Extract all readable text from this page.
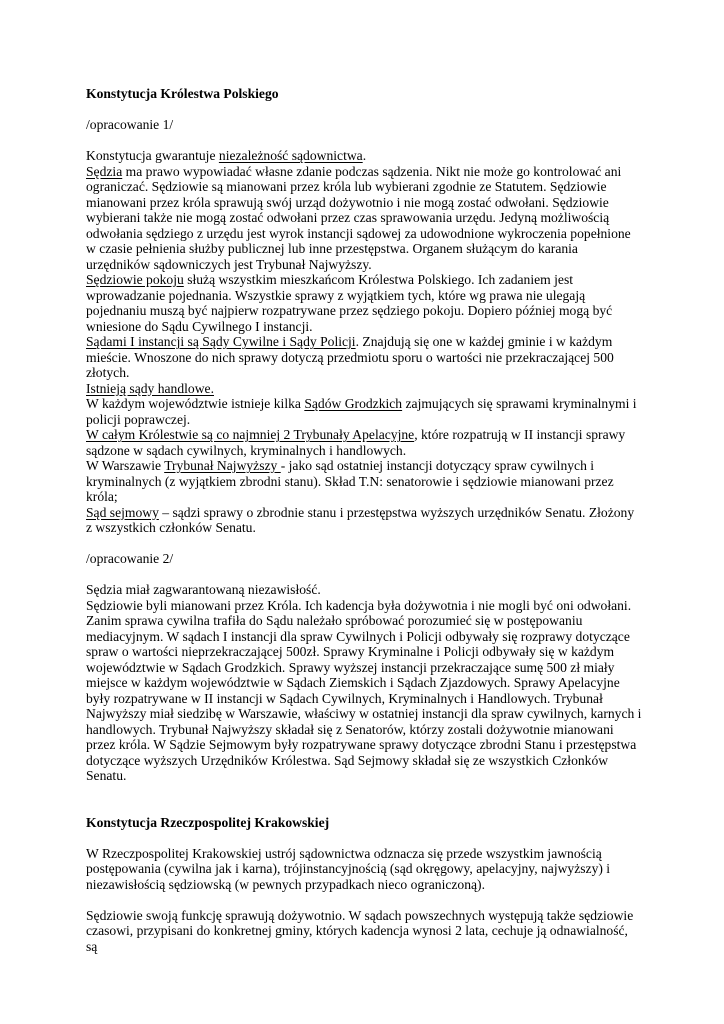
Konstytucja Królestwa Polskiego

/opracowanie 1/

Konstytucja gwarantuje niezależność sądownictwa.

Sędzia ma prawo wypowiadać własne zdanie podczas sądzenia. Nikt nie może go kontrolować ani ograniczać. Sędziowie są mianowani przez króla lub wybierani zgodnie ze Statutem. Sędziowie mianowani przez króla sprawują swój urząd dożywotnio i nie mogą zostać odwołani. Sędziowie wybierani także nie mogą zostać odwołani przez czas sprawowania urzędu. Jedyną możliwością odwołania sędziego z urzędu jest wyrok instancji sądowej za udowodnione wykroczenia popełnione w czasie pełnienia służby publicznej lub inne przestępstwa. Organem służącym do karania urzędników sądowniczych jest Trybunał Najwyższy.

Sędziowie pokoju służą wszystkim mieszkańcom Królestwa Polskiego. Ich zadaniem jest wprowadzanie pojednania. Wszystkie sprawy z wyjątkiem tych, które wg prawa nie ulegają pojednaniu muszą być najpierw rozpatrywane przez sędziego pokoju. Dopiero później mogą być wniesione do Sądu Cywilnego I instancji.

Sądami I instancji są Sądy Cywilne i Sądy Policji. Znajdują się one w każdej gminie i w każdym mieście. Wnoszone do nich sprawy dotyczą przedmiotu sporu o wartości nie przekraczającej 500 złotych.

Istnieją sądy handlowe.

W każdym województwie istnieje kilka Sądów Grodzkich zajmujących się sprawami kryminalnymi i policji poprawczej.

W całym Królestwie są co najmniej 2 Trybunały Apelacyjne, które rozpatrują w II instancji sprawy sądzone w sądach cywilnych, kryminalnych i handlowych.

W Warszawie Trybunał Najwyższy - jako sąd ostatniej instancji dotyczący spraw cywilnych i kryminalnych (z wyjątkiem zbrodni stanu). Skład T.N: senatorowie i sędziowie mianowani przez króla;

Sąd sejmowy – sądzi sprawy o zbrodnie stanu i przestępstwa wyższych urzędników Senatu. Złożony z wszystkich członków Senatu.

/opracowanie 2/

Sędzia miał zagwarantowaną niezawisłość.

Sędziowie byli mianowani przez Króla. Ich kadencja była dożywotnia i nie mogli być oni odwołani. Zanim sprawa cywilna trafiła do Sądu należało spróbować porozumieć się w postępowaniu mediacyjnym. W sądach I instancji dla spraw Cywilnych i Policji odbywały się rozprawy dotyczące spraw o wartości nieprzekraczającej 500zł. Sprawy Kryminalne i Policji odbywały się w każdym województwie w Sądach Grodzkich. Sprawy wyższej instancji przekraczające sumę 500 zł miały miejsce w każdym województwie w Sądach Ziemskich i Sądach Zjazdowych. Sprawy Apelacyjne były rozpatrywane w II instancji w Sądach Cywilnych, Kryminalnych i Handlowych. Trybunał Najwyższy miał siedzibę w Warszawie, właściwy w ostatniej instancji dla spraw cywilnych, karnych i handlowych. Trybunał Najwyższy składał się z Senatorów, którzy zostali dożywotnie mianowani przez króla. W Sądzie Sejmowym były rozpatrywane sprawy dotyczące zbrodni Stanu i przestępstwa dotyczące wyższych Urzędników Królestwa. Sąd Sejmowy składał się ze wszystkich Członków Senatu.

Konstytucja Rzeczpospolitej Krakowskiej

W Rzeczpospolitej Krakowskiej ustrój sądownictwa odznacza się przede wszystkim jawnością postępowania (cywilna jak i karna), trójinstancyjnością (sąd okręgowy, apelacyjny, najwyższy) i niezawisłością sędziowską (w pewnych przypadkach nieco ograniczoną).

Sędziowie swoją funkcję sprawują dożywotnio. W sądach powszechnych występują także sędziowie czasowi, przypisani do konkretnej gminy, których kadencja wynosi 2 lata, cechuje ją odnawialność, są
